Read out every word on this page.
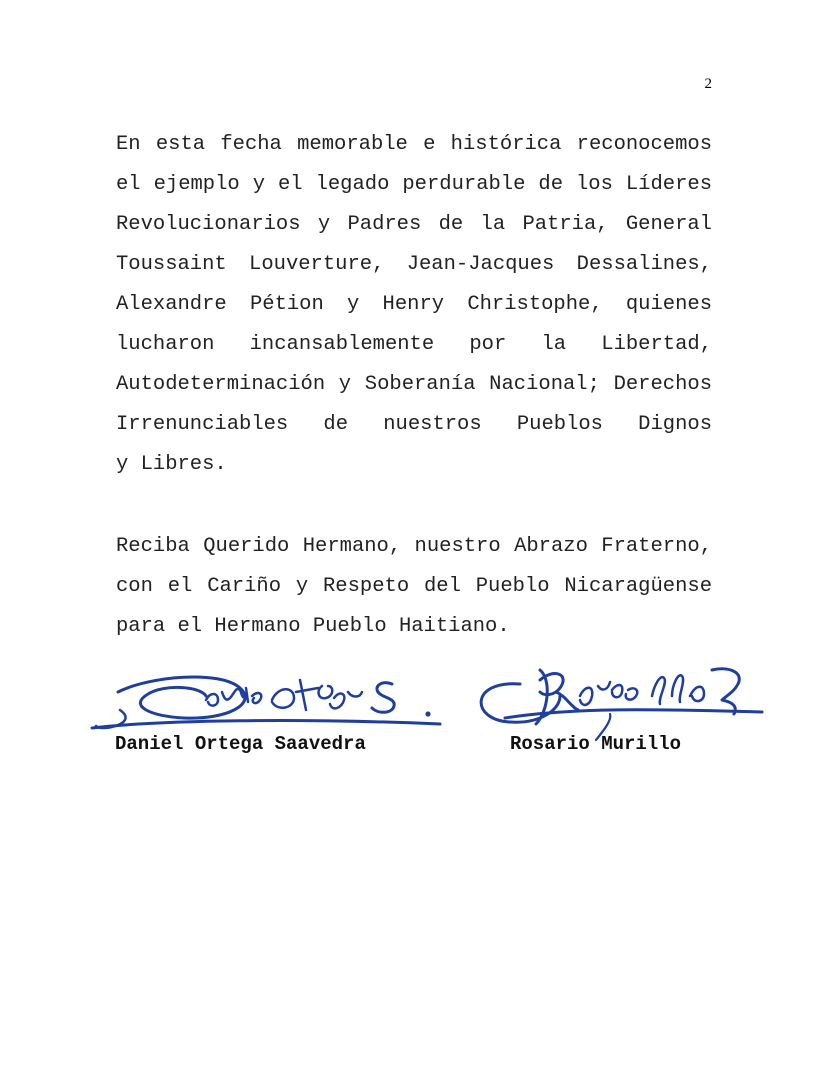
2
En esta fecha memorable e histórica reconocemos
el ejemplo y el legado perdurable de los Líderes
Revolucionarios y Padres de la Patria, General
Toussaint Louverture, Jean-Jacques Dessalines,
Alexandre Pétion y Henry Christophe, quienes
lucharon incansablemente por la Libertad,
Autodeterminación y Soberanía Nacional; Derechos
Irrenunciables de nuestros Pueblos Dignos
y Libres.
Reciba Querido Hermano, nuestro Abrazo Fraterno,
con el Cariño y Respeto del Pueblo Nicaragüense
para el Hermano Pueblo Haitiano.
Daniel Ortega Saavedra	Rosario Murillo
